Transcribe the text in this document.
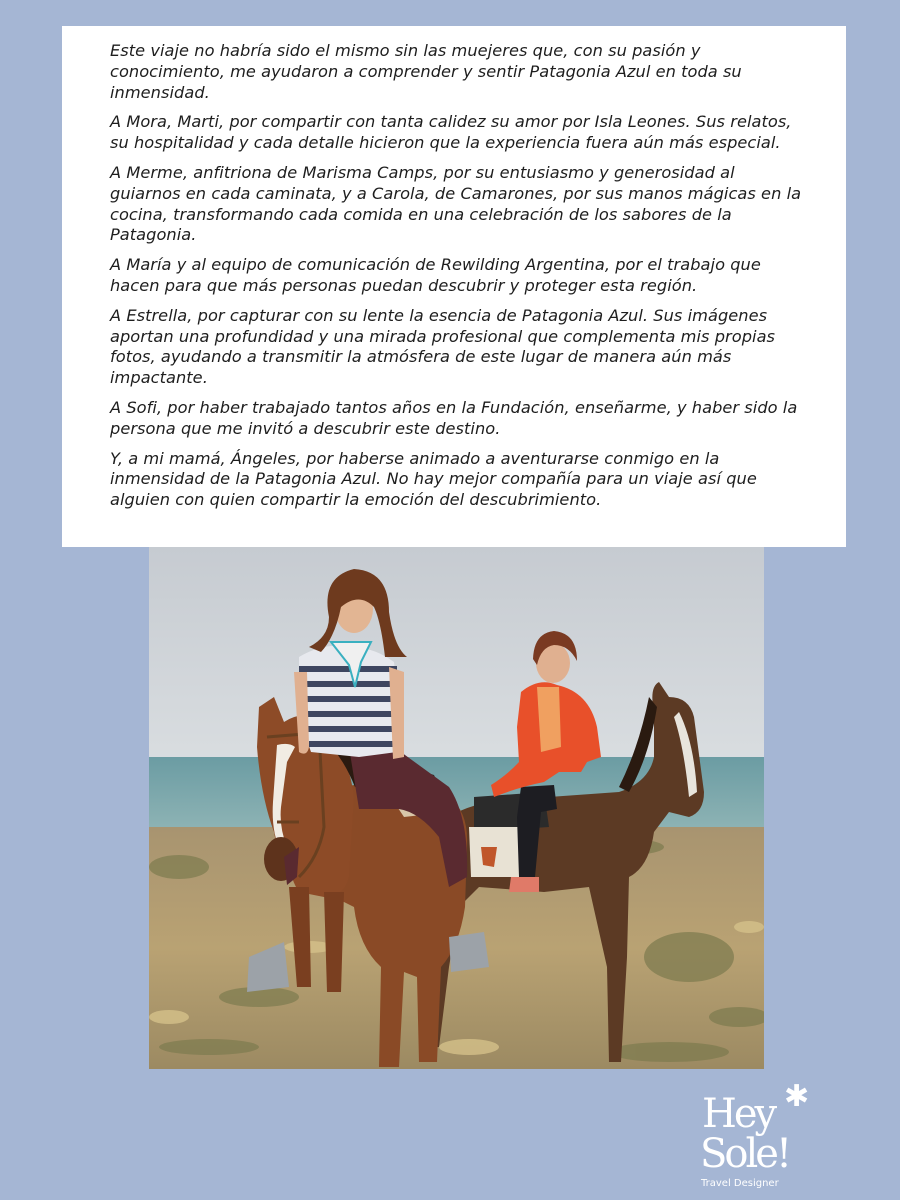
Este viaje no habría sido el mismo sin las muejeres que, con su pasión y conocimiento, me ayudaron a comprender y sentir Patagonia Azul en toda su inmensidad.

A Mora, Marti, por compartir con tanta calidez su amor por Isla Leones. Sus relatos, su hospitalidad y cada detalle hicieron que la experiencia fuera aún más especial.

A Merme, anfitriona de Marisma Camps, por su entusiasmo y generosidad al guiarnos en cada caminata, y a Carola, de Camarones, por sus manos mágicas en la cocina, transformando cada comida en una celebración de los sabores de la Patagonia.

A María y al equipo de comunicación de Rewilding Argentina, por el trabajo que hacen para que más personas puedan descubrir y proteger esta región.

A Estrella, por capturar con su lente la esencia de Patagonia Azul. Sus imágenes aportan una profundidad y una mirada profesional que complementa mis propias fotos, ayudando a transmitir la atmósfera de este lugar de manera aún más impactante.

A Sofi, por haber trabajado tantos años en la Fundación, enseñarme, y haber sido la persona que me invitó a descubrir este destino.

Y, a mi mamá, Ángeles, por haberse animado a aventurarse conmigo en la inmensidad de la Patagonia Azul. No hay mejor compañía para un viaje así que alguien con quien compartir la emoción del descubrimiento.

✱
Hey
Sole!
Travel Designer
